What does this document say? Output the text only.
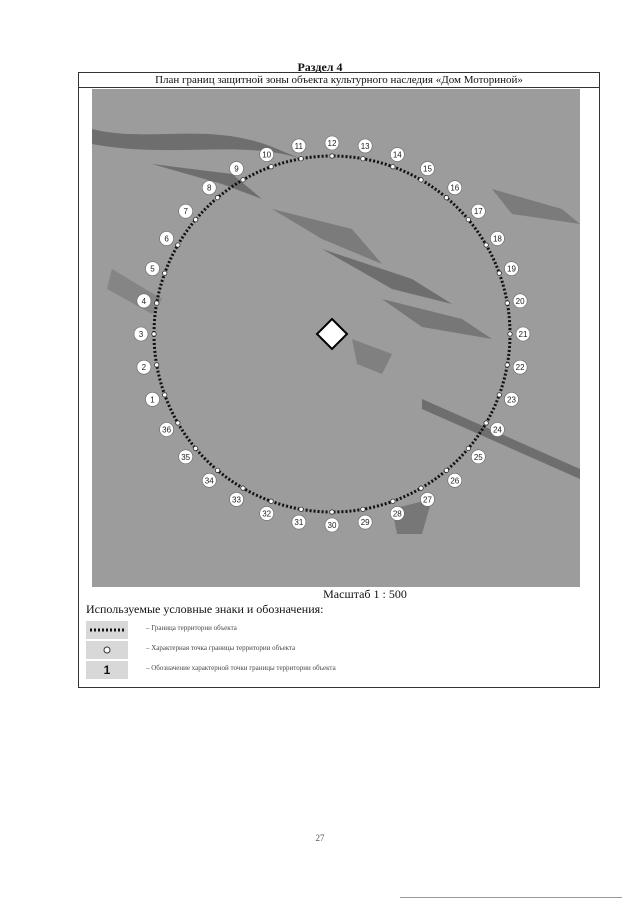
Раздел 4
План границ защитной зоны объекта культурного наследия «Дом Моториной»
1
2
3
4
5
6
7
8
9
10
11	12	13
14
15
16
17
18
19
20
21
22
23
24
25
26
27
28
29
30
31
32
33
34
35
36
Масштаб 1 : 500
Используемые условные знаки и обозначения:
– Граница территории объекта
– Характерная точка границы территории объекта
1	– Обозначение характерной точки границы территории объекта
27
